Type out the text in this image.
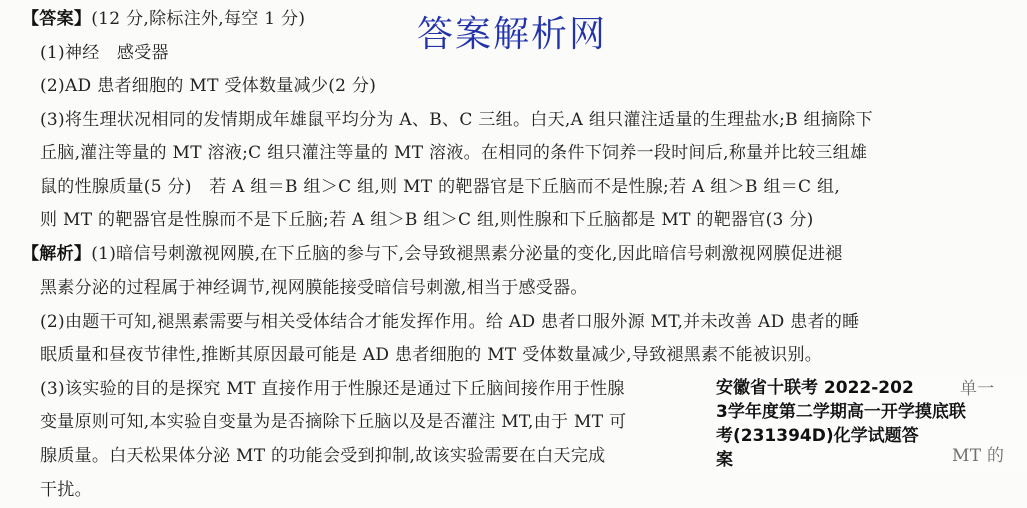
答案解析网
【答案】(12 分,除标注外,每空 1 分)
(1)神经　感受器
(2)AD 患者细胞的 MT 受体数量减少(2 分)
(3)将生理状况相同的发情期成年雄鼠平均分为 A、B、C 三组。白天,A 组只灌注适量的生理盐水;B 组摘除下
丘脑,灌注等量的 MT 溶液;C 组只灌注等量的 MT 溶液。在相同的条件下饲养一段时间后,称量并比较三组雄
鼠的性腺质量(5 分)　若 A 组＝B 组＞C 组,则 MT 的靶器官是下丘脑而不是性腺;若 A 组＞B 组＝C 组,
则 MT 的靶器官是性腺而不是下丘脑;若 A 组＞B 组＞C 组,则性腺和下丘脑都是 MT 的靶器官(3 分)
【解析】(1)暗信号刺激视网膜,在下丘脑的参与下,会导致褪黑素分泌量的变化,因此暗信号刺激视网膜促进褪
黑素分泌的过程属于神经调节,视网膜能接受暗信号刺激,相当于感受器。
(2)由题干可知,褪黑素需要与相关受体结合才能发挥作用。给 AD 患者口服外源 MT,并未改善 AD 患者的睡
眠质量和昼夜节律性,推断其原因最可能是 AD 患者细胞的 MT 受体数量减少,导致褪黑素不能被识别。
(3)该实验的目的是探究 MT 直接作用于性腺还是通过下丘脑间接作用于性腺
变量原则可知,本实验自变量为是否摘除下丘脑以及是否灌注 MT,由于 MT 可
腺质量。白天松果体分泌 MT 的功能会受到抑制,故该实验需要在白天完成
干扰。
单一
MT 的
安徽省十联考 2022-202
3学年度第二学期高一开学摸底联
考(231394D)化学试题答
案
